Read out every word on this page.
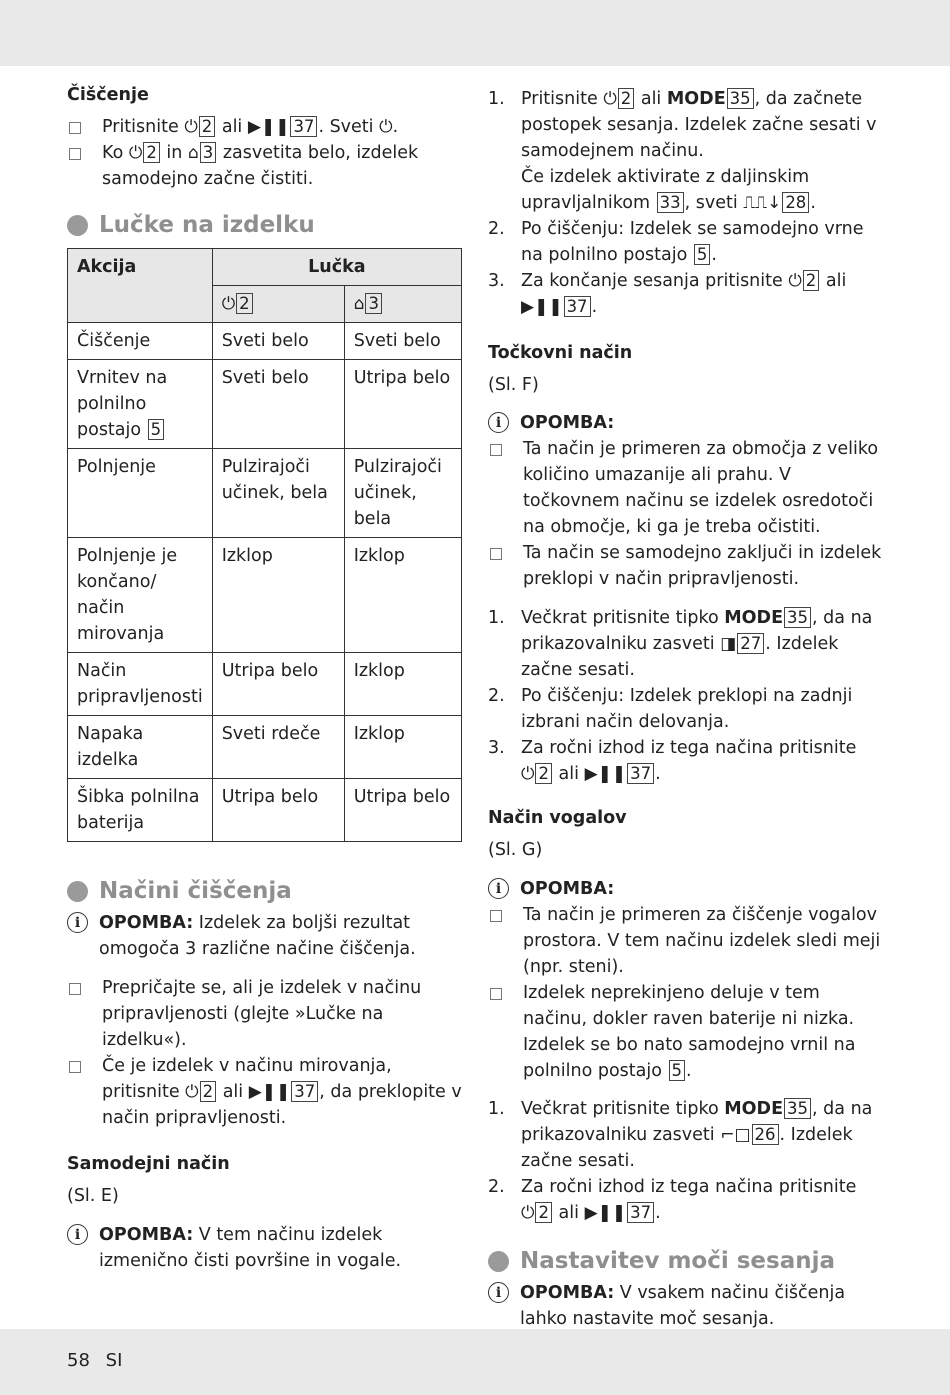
Čiščenje
Pritisnite ⏻ 2 ali ▶❚❚ 37 . Sveti ⏻.
Ko ⏻ 2 in ⌂ 3 zasvetita belo, izdelek samodejno začne čistiti.
Lučke na izdelku
Akcija	Lučka	
	⏻ 2	⌂ 3
Čiščenje	Sveti belo	Sveti belo
Vrnitev na polnilno postajo 5	Sveti belo	Utripa belo
Polnjenje	Pulzirajoči učinek, bela	Pulzirajoči učinek, bela
Polnjenje je končano/ način mirovanja	Izklop	Izklop
Način pripravljenosti	Utripa belo	Izklop
Napaka izdelka	Sveti rdeče	Izklop
Šibka polnilna baterija	Utripa belo	Utripa belo
Načini čiščenja
i	OPOMBA: Izdelek za boljši rezultat omogoča 3 različne načine čiščenja.
Prepričajte se, ali je izdelek v načinu pripravljenosti (glejte »Lučke na izdelku«).
Če je izdelek v načinu mirovanja, pritisnite ⏻ 2 ali ▶❚❚ 37 , da preklopite v način pripravljenosti.
Samodejni način
(Sl. E)
i	OPOMBA: V tem načinu izdelek izmenično čisti površine in vogale.
1. Pritisnite ⏻ 2 ali MODE 35 , da začnete postopek sesanja. Izdelek začne sesati v samodejnem načinu.
Če izdelek aktivirate z daljinskim upravljalnikom 33 , sveti ⎍⎍↓ 28 .
2. Po čiščenju: Izdelek se samodejno vrne na polnilno postajo 5 .
3. Za končanje sesanja pritisnite ⏻ 2 ali ▶❚❚ 37 .
Točkovni način
(Sl. F)
i	OPOMBA:
Ta način je primeren za območja z veliko količino umazanije ali prahu. V točkovnem načinu se izdelek osredotoči na območje, ki ga je treba očistiti.
Ta način se samodejno zaključi in izdelek preklopi v način pripravljenosti.
1. Večkrat pritisnite tipko MODE 35 , da na prikazovalniku zasveti ◨ 27 . Izdelek začne sesati.
2. Po čiščenju: Izdelek preklopi na zadnji izbrani način delovanja.
3. Za ročni izhod iz tega načina pritisnite
⏻ 2 ali ▶❚❚ 37 .
Način vogalov
(Sl. G)
i	OPOMBA:
Ta način je primeren za čiščenje vogalov prostora. V tem načinu izdelek sledi meji (npr. steni).
Izdelek neprekinjeno deluje v tem načinu, dokler raven baterije ni nizka. Izdelek se bo nato samodejno vrnil na polnilno postajo 5 .
1. Večkrat pritisnite tipko MODE 35 , da na prikazovalniku zasveti ⌐□ 26 . Izdelek začne sesati.
2. Za ročni izhod iz tega načina pritisnite
⏻ 2 ali ▶❚❚ 37 .
Nastavitev moči sesanja
i	OPOMBA: V vsakem načinu čiščenja lahko nastavite moč sesanja.
58 SI
